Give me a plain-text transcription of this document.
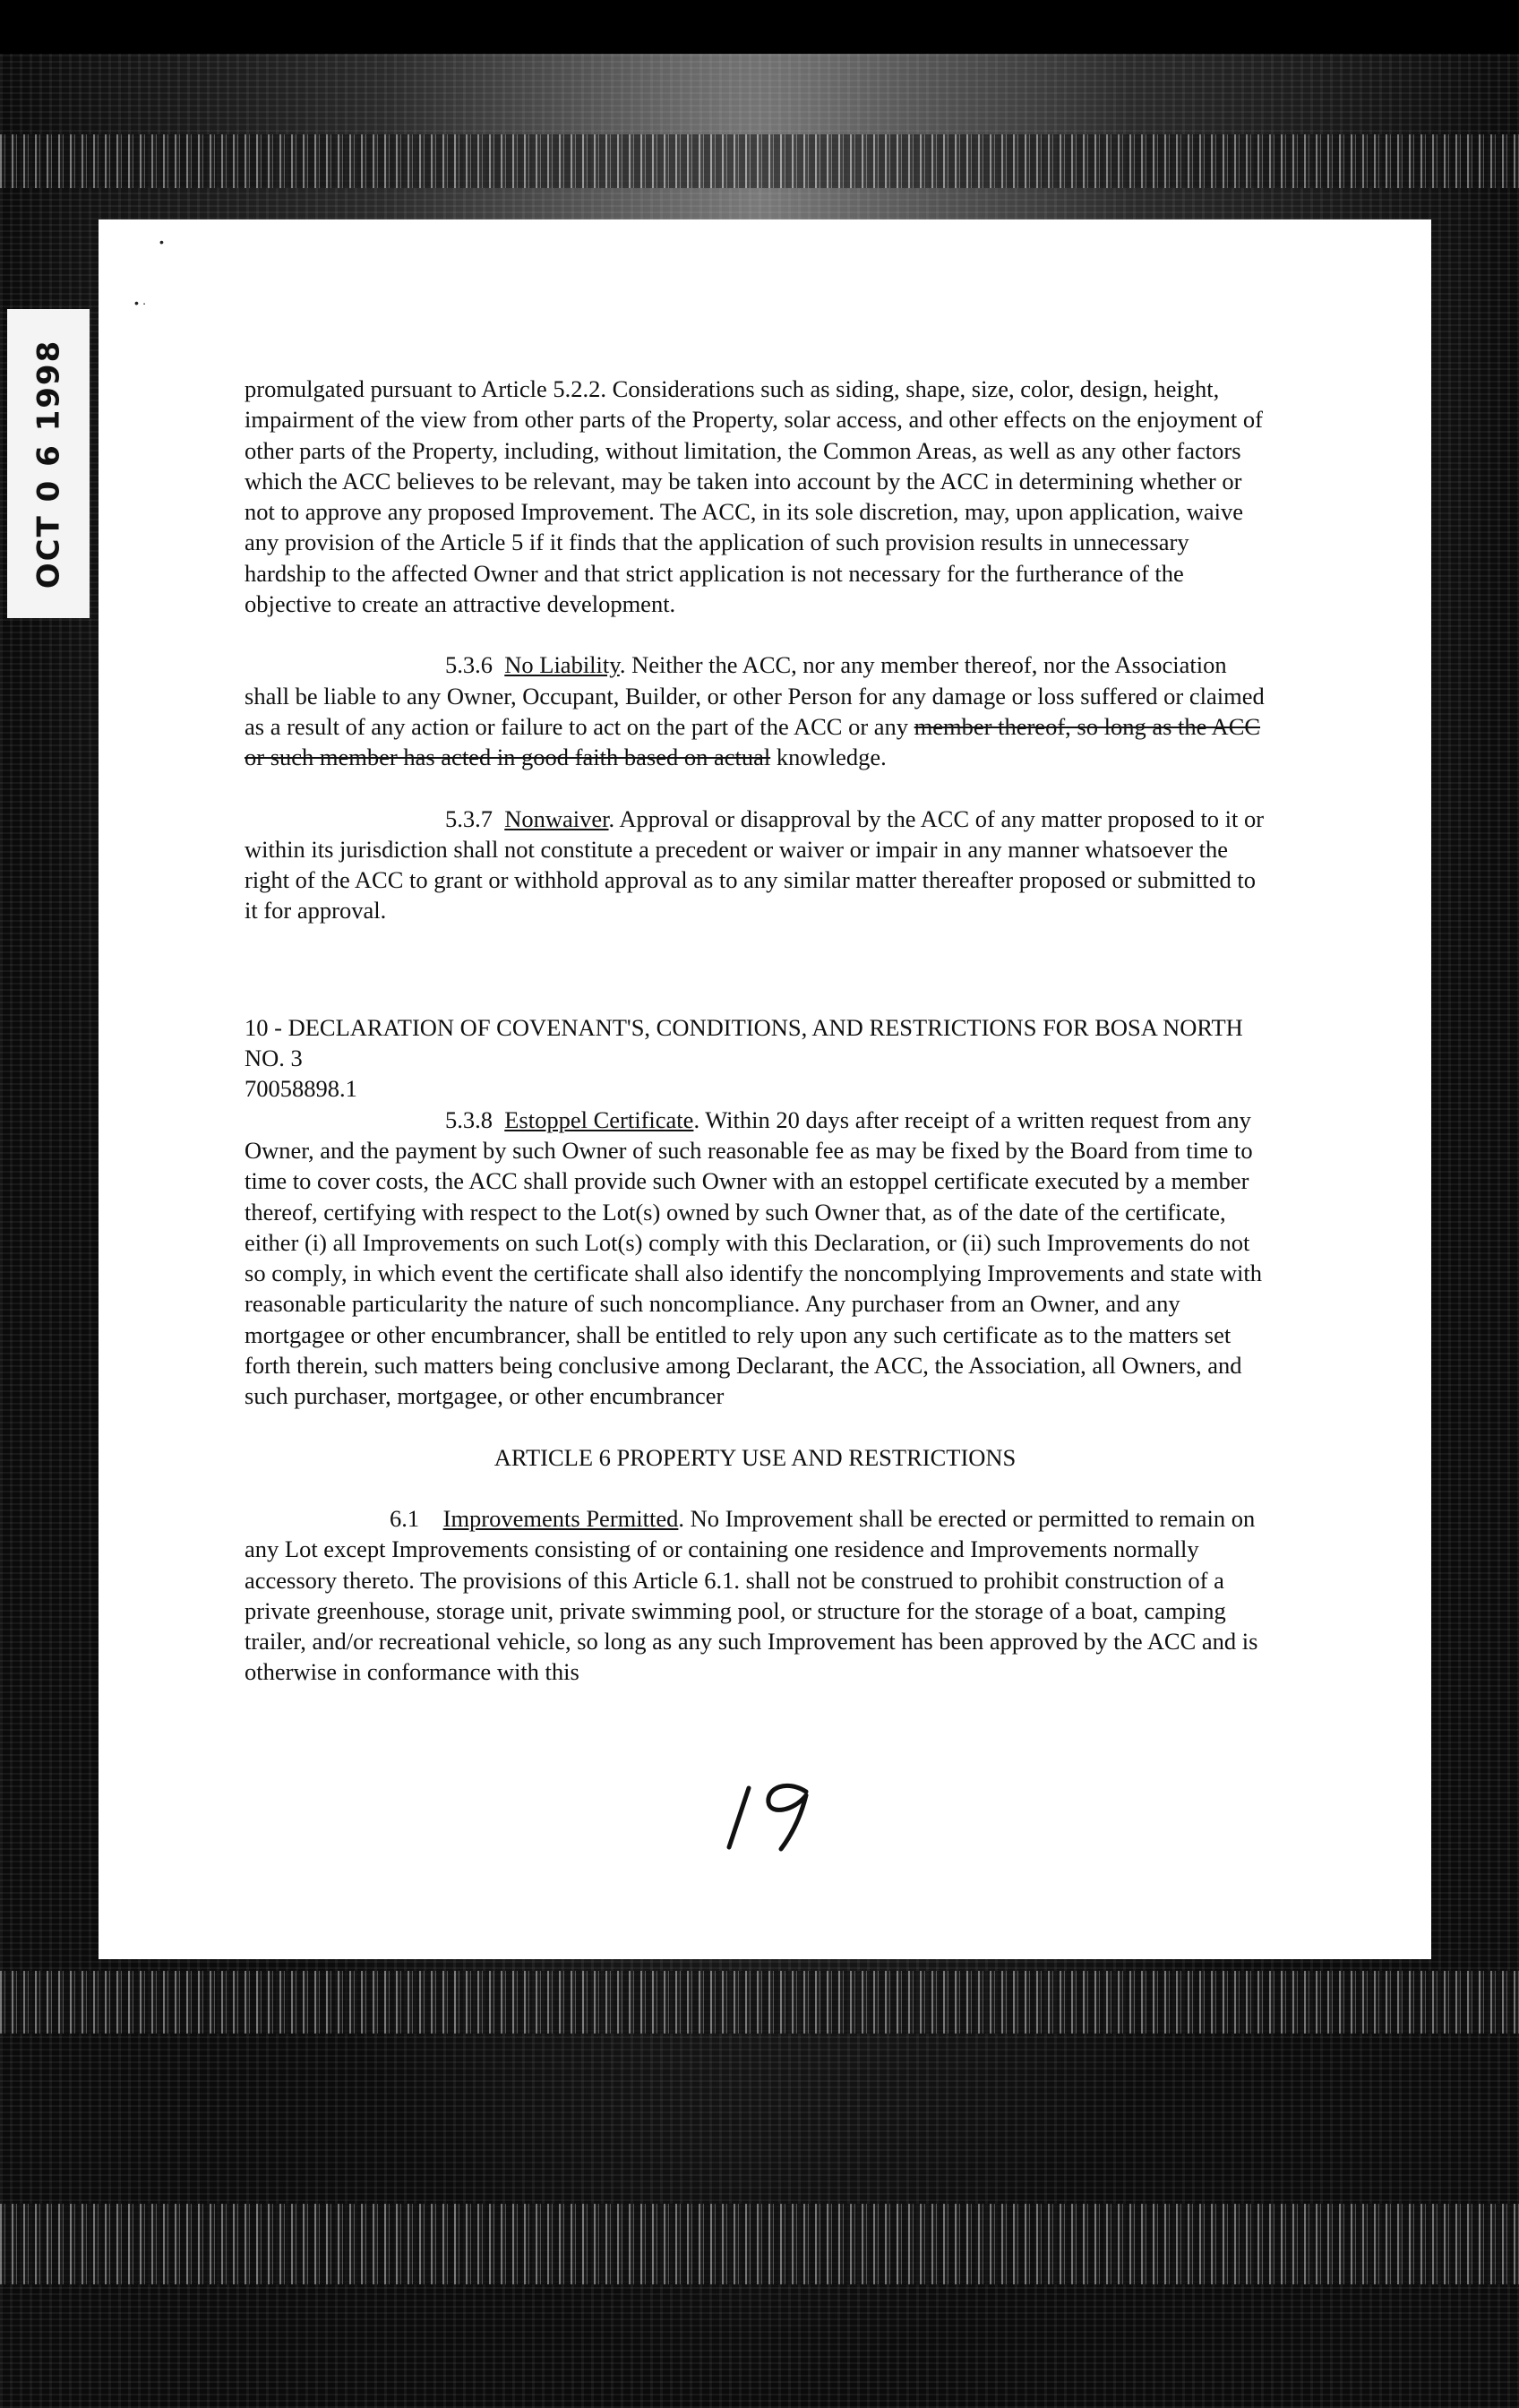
OCT 0 6 1998
•
• ·

promulgated pursuant to Article 5.2.2. Considerations such as siding, shape, size, color, design, height, impairment of the view from other parts of the Property, solar access, and other effects on the enjoyment of other parts of the Property, including, without limitation, the Common Areas, as well as any other factors which the ACC believes to be relevant, may be taken into account by the ACC in determining whether or not to approve any proposed Improvement. The ACC, in its sole discretion, may, upon application, waive any provision of the Article 5 if it finds that the application of such provision results in unnecessary hardship to the affected Owner and that strict application is not necessary for the furtherance of the objective to create an attractive development.

5.3.6 No Liability. Neither the ACC, nor any member thereof, nor the Association shall be liable to any Owner, Occupant, Builder, or other Person for any damage or loss suffered or claimed as a result of any action or failure to act on the part of the ACC or any member thereof, so long as the ACC or such member has acted in good faith based on actual knowledge.

5.3.7 Nonwaiver. Approval or disapproval by the ACC of any matter proposed to it or within its jurisdiction shall not constitute a precedent or waiver or impair in any manner whatsoever the right of the ACC to grant or withhold approval as to any similar matter thereafter proposed or submitted to it for approval.

10 - DECLARATION OF COVENANT'S, CONDITIONS, AND RESTRICTIONS FOR BOSA NORTH NO. 3

70058898.1

5.3.8 Estoppel Certificate. Within 20 days after receipt of a written request from any Owner, and the payment by such Owner of such reasonable fee as may be fixed by the Board from time to time to cover costs, the ACC shall provide such Owner with an estoppel certificate executed by a member thereof, certifying with respect to the Lot(s) owned by such Owner that, as of the date of the certificate, either (i) all Improvements on such Lot(s) comply with this Declaration, or (ii) such Improvements do not so comply, in which event the certificate shall also identify the noncomplying Improvements and state with reasonable particularity the nature of such noncompliance. Any purchaser from an Owner, and any mortgagee or other encumbrancer, shall be entitled to rely upon any such certificate as to the matters set forth therein, such matters being conclusive among Declarant, the ACC, the Association, all Owners, and such purchaser, mortgagee, or other encumbrancer

ARTICLE 6 PROPERTY USE AND RESTRICTIONS

6.1 Improvements Permitted. No Improvement shall be erected or permitted to remain on any Lot except Improvements consisting of or containing one residence and Improvements normally accessory thereto. The provisions of this Article 6.1. shall not be construed to prohibit construction of a private greenhouse, storage unit, private swimming pool, or structure for the storage of a boat, camping trailer, and/or recreational vehicle, so long as any such Improvement has been approved by the ACC and is otherwise in conformance with this
